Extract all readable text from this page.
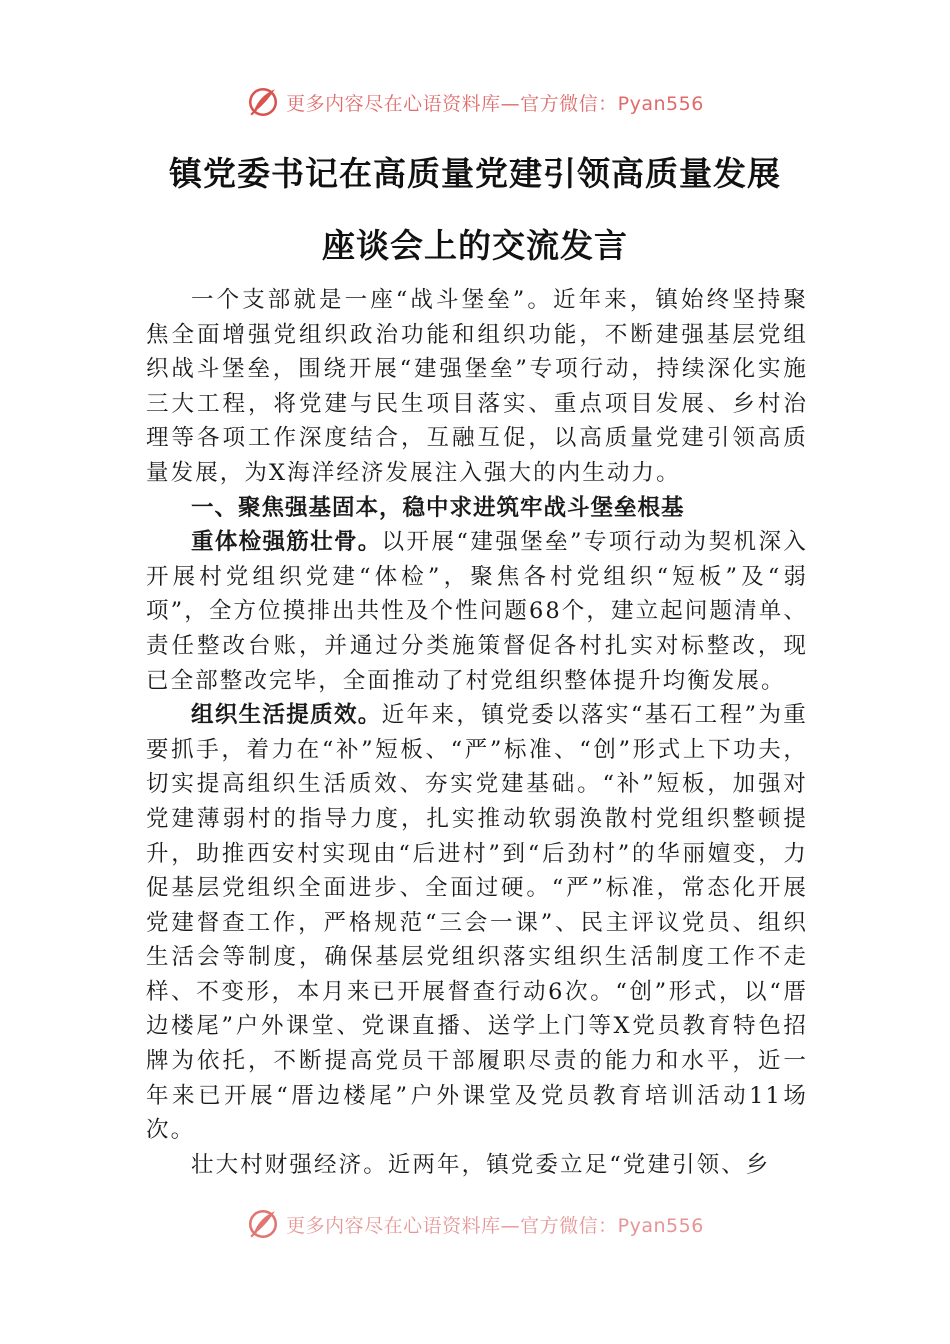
更多内容尽在心语资料库—官方微信：Pyan556
镇党委书记在高质量党建引领高质量发展
座谈会上的交流发言

一个支部就是一座“战斗堡垒”。近年来，镇始终坚持聚焦全面增强党组织政治功能和组织功能，不断建强基层党组织战斗堡垒，围绕开展“建强堡垒”专项行动，持续深化实施三大工程，将党建与民生项目落实、重点项目发展、乡村治理等各项工作深度结合，互融互促，以高质量党建引领高质量发展，为X海洋经济发展注入强大的内生动力。

一、聚焦强基固本，稳中求进筑牢战斗堡垒根基

重体检强筋壮骨。以开展“建强堡垒”专项行动为契机深入开展村党组织党建“体检”，聚焦各村党组织“短板”及“弱项”，全方位摸排出共性及个性问题68个，建立起问题清单、责任整改台账，并通过分类施策督促各村扎实对标整改，现已全部整改完毕，全面推动了村党组织整体提升均衡发展。

组织生活提质效。近年来，镇党委以落实“基石工程”为重要抓手，着力在“补”短板、“严”标准、“创”形式上下功夫，切实提高组织生活质效、夯实党建基础。“补”短板，加强对党建薄弱村的指导力度，扎实推动软弱涣散村党组织整顿提升，助推西安村实现由“后进村”到“后劲村”的华丽嬗变，力促基层党组织全面进步、全面过硬。“严”标准，常态化开展党建督查工作，严格规范“三会一课”、民主评议党员、组织生活会等制度，确保基层党组织落实组织生活制度工作不走样、不变形，本月来已开展督查行动6次。“创”形式，以“厝边楼尾”户外课堂、党课直播、送学上门等X党员教育特色招牌为依托，不断提高党员干部履职尽责的能力和水平，近一年来已开展“厝边楼尾”户外课堂及党员教育培训活动11场次。

壮大村财强经济。近两年，镇党委立足“党建引领、乡

更多内容尽在心语资料库—官方微信：Pyan556
